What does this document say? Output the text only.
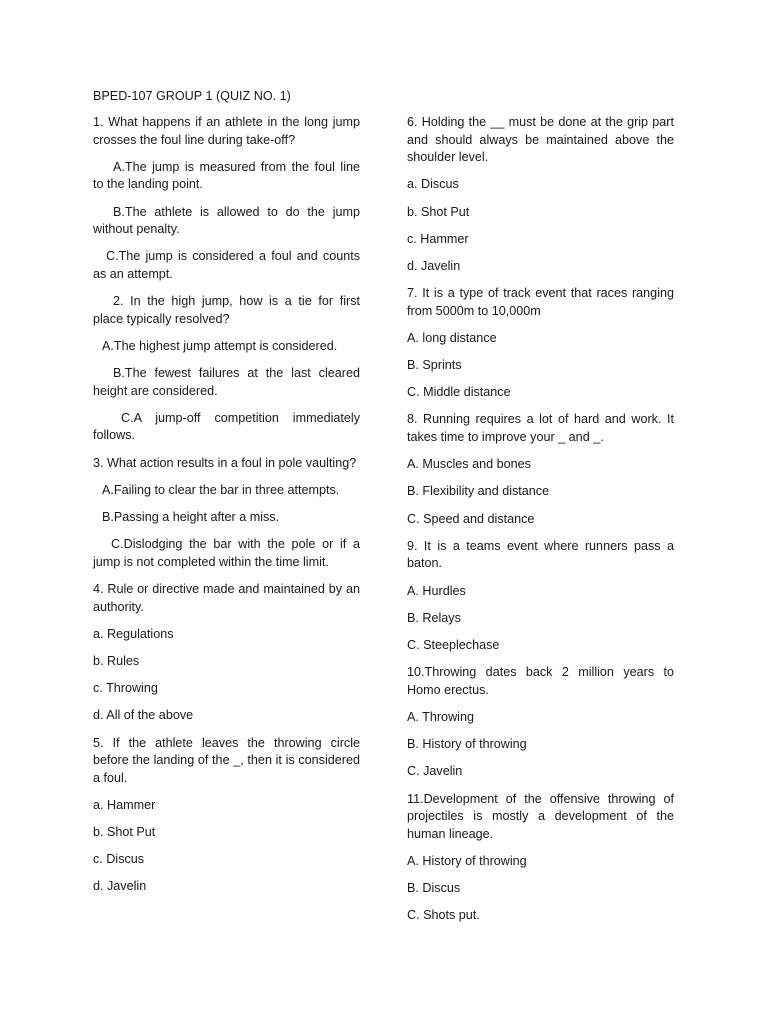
BPED-107 GROUP 1 (QUIZ NO. 1)

1. What happens if an athlete in the long jump crosses the foul line during take-off?

A.The jump is measured from the foul line to the landing point.

B.The athlete is allowed to do the jump without penalty.

C.The jump is considered a foul and counts as an attempt.

2. In the high jump, how is a tie for first place typically resolved?

A.The highest jump attempt is considered.

B.The fewest failures at the last cleared height are considered.

C.A jump-off competition immediately follows.

3. What action results in a foul in pole vaulting?

A.Failing to clear the bar in three attempts.

B.Passing a height after a miss.

C.Dislodging the bar with the pole or if a jump is not completed within the time limit.

4. Rule or directive made and maintained by an authority.

a. Regulations

b. Rules

c. Throwing

d. All of the above

5. If the athlete leaves the throwing circle before the landing of the _, then it is considered a foul.

a. Hammer

b. Shot Put

c. Discus

d. Javelin

6. Holding the __ must be done at the grip part and should always be maintained above the shoulder level.

a. Discus

b. Shot Put

c. Hammer

d. Javelin

7. It is a type of track event that races ranging from 5000m to 10,000m

A. long distance

B. Sprints

C. Middle distance

8. Running requires a lot of hard and work. It takes time to improve your _ and _.

A. Muscles and bones

B. Flexibility and distance

C. Speed and distance

9. It is a teams event where runners pass a baton.

A. Hurdles

B. Relays

C. Steeplechase

10.Throwing dates back 2 million years to Homo erectus.

A. Throwing

B. History of throwing

C. Javelin

11.Development of the offensive throwing of projectiles is mostly a development of the human lineage.

A. History of throwing

B. Discus

C. Shots put.
